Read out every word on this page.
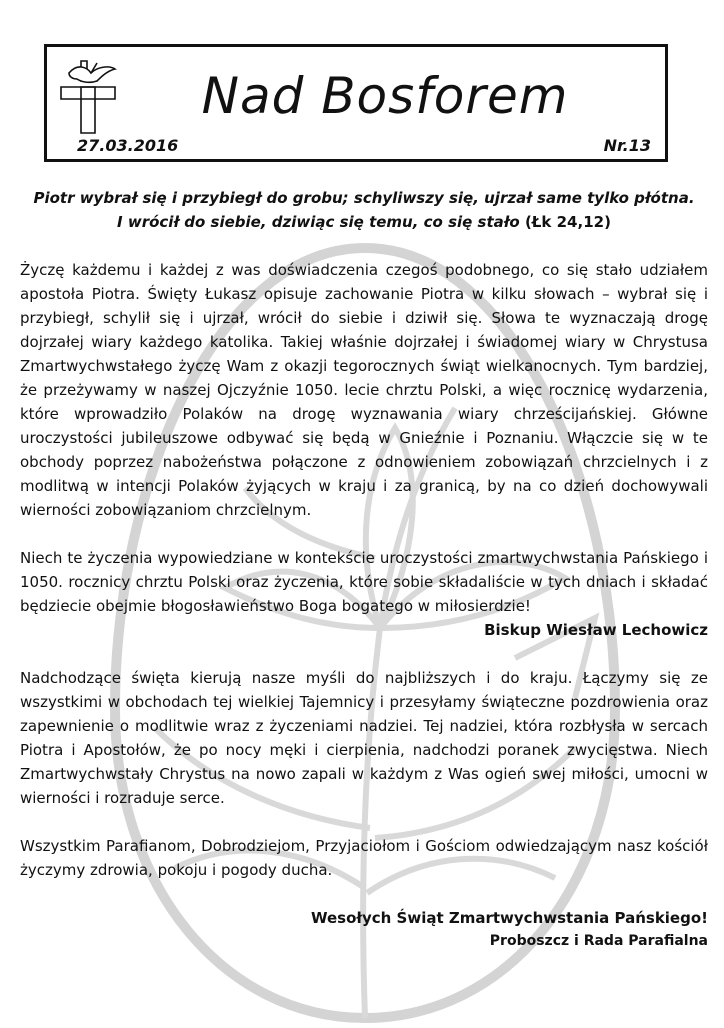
Nad Bosforem
27.03.2016	Nr.13

Piotr wybrał się i przybiegł do grobu; schyliwszy się, ujrzał same tylko płótna.
I wrócił do siebie, dziwiąc się temu, co się stało (Łk 24,12)

Życzę każdemu i każdej z was doświadczenia czegoś podobnego, co się stało udziałem apostoła Piotra. Święty Łukasz opisuje zachowanie Piotra w kilku słowach – wybrał się i przybiegł, schylił się i ujrzał, wrócił do siebie i dziwił się. Słowa te wyznaczają drogę dojrzałej wiary każdego katolika. Takiej właśnie dojrzałej i świadomej wiary w Chrystusa Zmartwychwstałego życzę Wam z okazji tegorocznych świąt wielkanocnych. Tym bardziej, że przeżywamy w naszej Ojczyźnie 1050. lecie chrztu Polski, a więc rocznicę wydarzenia, które wprowadziło Polaków na drogę wyznawania wiary chrześcijańskiej. Główne uroczystości jubileuszowe odbywać się będą w Gnieźnie i Poznaniu. Włączcie się w te obchody poprzez nabożeństwa połączone z odnowieniem zobowiązań chrzcielnych i z modlitwą w intencji Polaków żyjących w kraju i za granicą, by na co dzień dochowywali wierności zobowiązaniom chrzcielnym.

Niech te życzenia wypowiedziane w kontekście uroczystości zmartwychwstania Pańskiego i 1050. rocznicy chrztu Polski oraz życzenia, które sobie składaliście w tych dniach i składać będziecie obejmie błogosławieństwo Boga bogatego w miłosierdzie!

Biskup Wiesław Lechowicz

Nadchodzące święta kierują nasze myśli do najbliższych i do kraju. Łączymy się ze wszystkimi w obchodach tej wielkiej Tajemnicy i przesyłamy świąteczne pozdrowienia oraz zapewnienie o modlitwie wraz z życzeniami nadziei. Tej nadziei, która rozbłysła w sercach Piotra i Apostołów, że po nocy męki i cierpienia, nadchodzi poranek zwycięstwa. Niech Zmartwychwstały Chrystus na nowo zapali w każdym z Was ogień swej miłości, umocni w wierności i rozraduje serce.

Wszystkim Parafianom, Dobrodziejom, Przyjaciołom i Gościom odwiedzającym nasz kościół życzymy zdrowia, pokoju i pogody ducha.

Wesołych Świąt Zmartwychwstania Pańskiego!

Proboszcz i Rada Parafialna
